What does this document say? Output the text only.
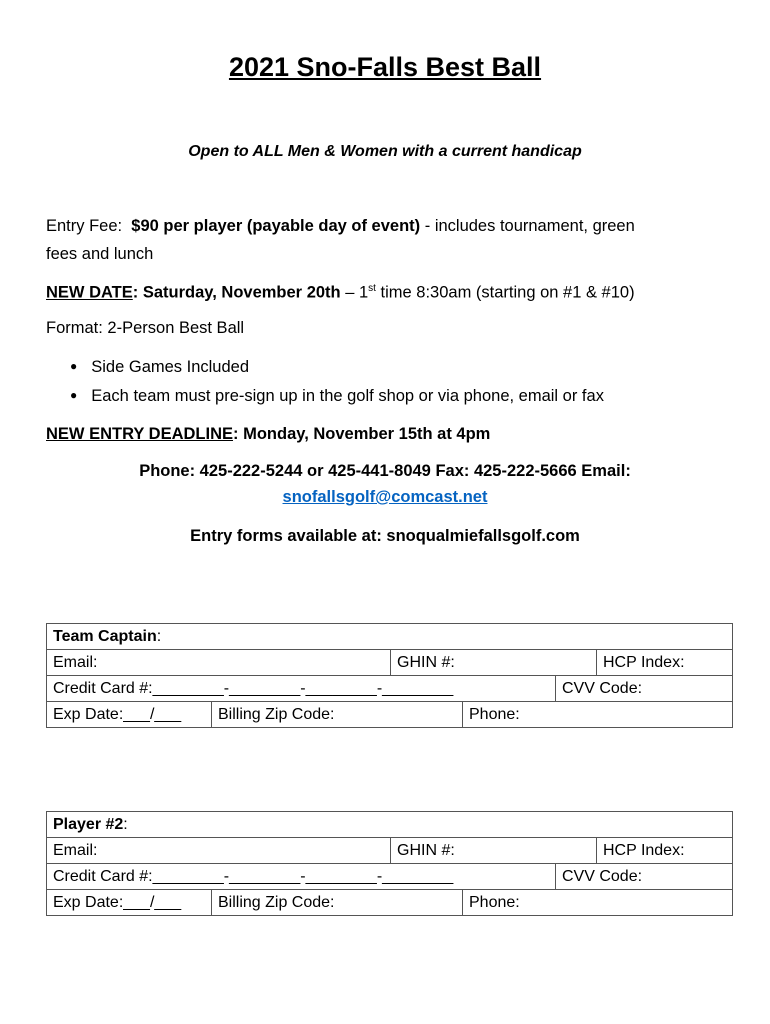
2021 Sno-Falls Best Ball
Open to ALL Men & Women with a current handicap
Entry Fee:  $90 per player (payable day of event) - includes tournament, green
fees and lunch
NEW DATE: Saturday, November 20th – 1st time 8:30am (starting on #1 & #10)
Format: 2-Person Best Ball
● Side Games Included
● Each team must pre-sign up in the golf shop or via phone, email or fax
NEW ENTRY DEADLINE: Monday, November 15th at 4pm
Phone: 425-222-5244 or 425-441-8049 Fax: 425-222-5666 Email:
snofallsgolf@comcast.net
Entry forms available at: snoqualmiefallsgolf.com
Team Captain:
Email:	GHIN #:	HCP Index:
Credit Card #:________-________-________-________	CVV Code:
Exp Date:___/___	Billing Zip Code:	Phone:
Player #2:
Email:	GHIN #:	HCP Index:
Credit Card #:________-________-________-________	CVV Code:
Exp Date:___/___	Billing Zip Code:	Phone:
